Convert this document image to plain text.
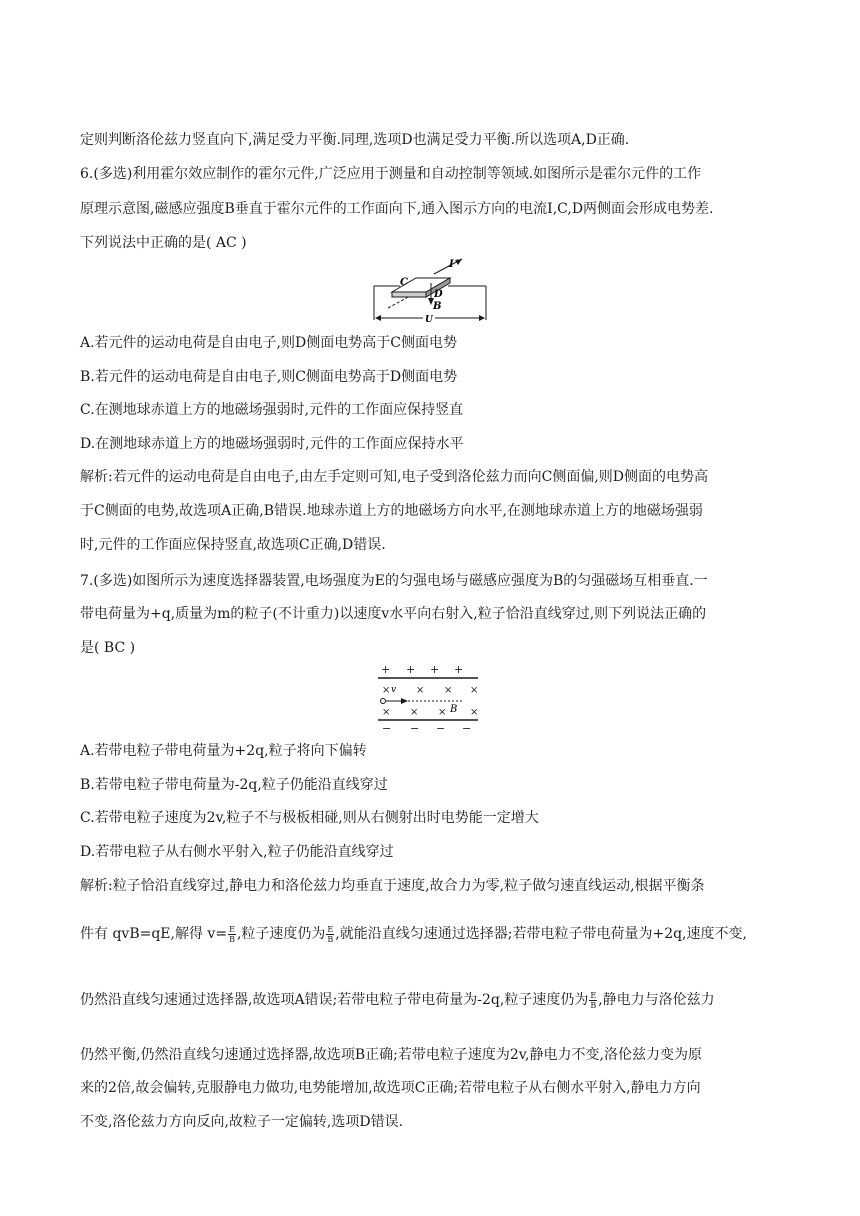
定则判断洛伦兹力竖直向下,满足受力平衡.同理,选项D也满足受力平衡.所以选项A,D正确.
6.(多选)利用霍尔效应制作的霍尔元件,广泛应用于测量和自动控制等领域.如图所示是霍尔元件的工作
原理示意图,磁感应强度B垂直于霍尔元件的工作面向下,通入图示方向的电流I,C,D两侧面会形成电势差.
下列说法中正确的是( AC )
C
I
D
B
U
A.若元件的运动电荷是自由电子,则D侧面电势高于C侧面电势
B.若元件的运动电荷是自由电子,则C侧面电势高于D侧面电势
C.在测地球赤道上方的地磁场强弱时,元件的工作面应保持竖直
D.在测地球赤道上方的地磁场强弱时,元件的工作面应保持水平
解析:若元件的运动电荷是自由电子,由左手定则可知,电子受到洛伦兹力而向C侧面偏,则D侧面的电势高
于C侧面的电势,故选项A正确,B错误.地球赤道上方的地磁场方向水平,在测地球赤道上方的地磁场强弱
时,元件的工作面应保持竖直,故选项C正确,D错误.
7.(多选)如图所示为速度选择器装置,电场强度为E的匀强电场与磁感应强度为B的匀强磁场互相垂直.一
带电荷量为+q,质量为m的粒子(不计重力)以速度v水平向右射入,粒子恰沿直线穿过,则下列说法正确的
是( BC )
+ + + +
×	× × ×
× × × ×
v
B
− − − −
A.若带电粒子带电荷量为+2q,粒子将向下偏转
B.若带电粒子带电荷量为-2q,粒子仍能沿直线穿过
C.若带电粒子速度为2v,粒子不与极板相碰,则从右侧射出时电势能一定增大
D.若带电粒子从右侧水平射入,粒子仍能沿直线穿过
解析:粒子恰沿直线穿过,静电力和洛伦兹力均垂直于速度,故合力为零,粒子做匀速直线运动,根据平衡条
件有 qvB=qE,解得 $v= \frac{E}{B}$ ,粒子速度仍为 $\frac{E}{B}$ ,就能沿直线匀速通过选择器;若带电粒子带电荷量为+2q,速度不变,
仍然沿直线匀速通过选择器,故选项A错误;若带电粒子带电荷量为-2q,粒子速度仍为 $\frac{E}{B}$ ,静电力与洛伦兹力
仍然平衡,仍然沿直线匀速通过选择器,故选项B正确;若带电粒子速度为2v,静电力不变,洛伦兹力变为原
来的2倍,故会偏转,克服静电力做功,电势能增加,故选项C正确;若带电粒子从右侧水平射入,静电力方向
不变,洛伦兹力方向反向,故粒子一定偏转,选项D错误.
